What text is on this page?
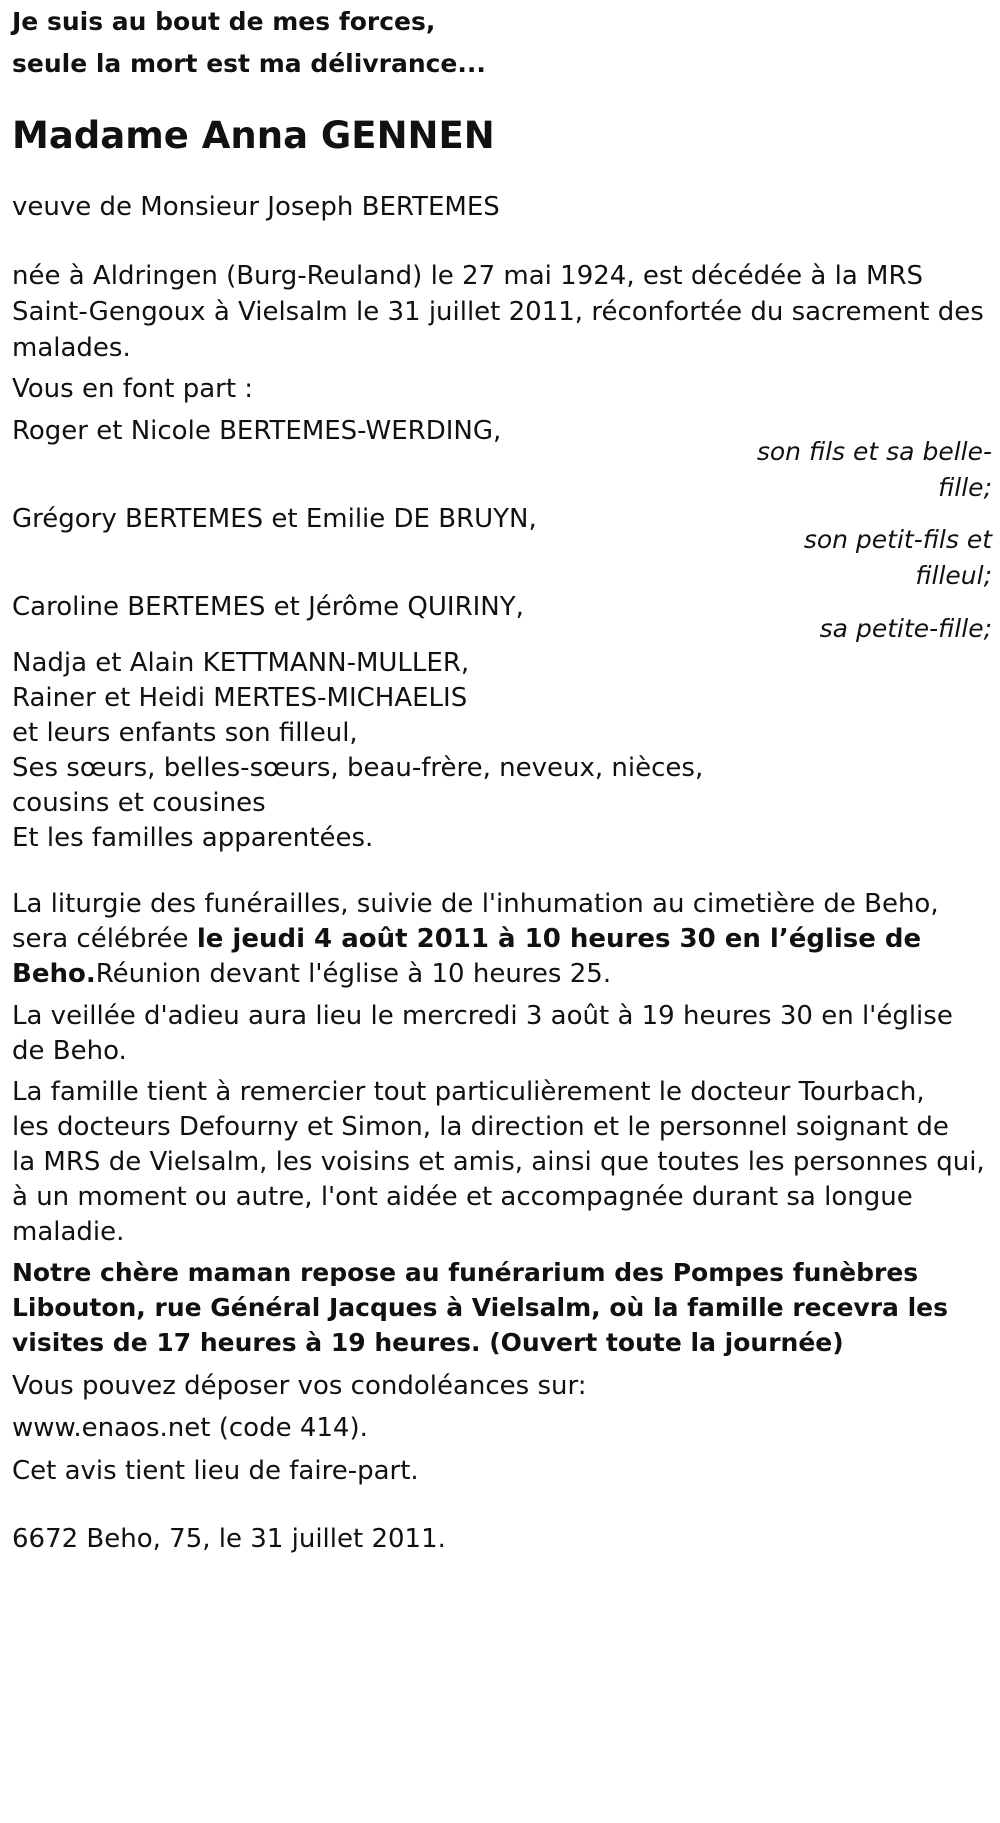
Je suis au bout de mes forces,
seule la mort est ma délivrance...
Madame Anna GENNEN
veuve de Monsieur Joseph BERTEMES
née à Aldringen (Burg-Reuland) le 27 mai 1924, est décédée à la MRS
Saint-Gengoux à Vielsalm le 31 juillet 2011, réconfortée du sacrement des
malades.
Vous en font part :
Roger et Nicole BERTEMES-WERDING,
son fils et sa belle-
fille;
Grégory BERTEMES et Emilie DE BRUYN,
son petit-fils et
filleul;
Caroline BERTEMES et Jérôme QUIRINY,
sa petite-fille;
Nadja et Alain KETTMANN-MULLER,
Rainer et Heidi MERTES-MICHAELIS
et leurs enfants son filleul,
Ses sœurs, belles-sœurs, beau-frère, neveux, nièces,
cousins et cousines
Et les familles apparentées.
La liturgie des funérailles, suivie de l'inhumation au cimetière de Beho,
sera célébrée le jeudi 4 août 2011 à 10 heures 30 en l’église de
Beho.Réunion devant l'église à 10 heures 25.
La veillée d'adieu aura lieu le mercredi 3 août à 19 heures 30 en l'église
de Beho.
La famille tient à remercier tout particulièrement le docteur Tourbach,
les docteurs Defourny et Simon, la direction et le personnel soignant de
la MRS de Vielsalm, les voisins et amis, ainsi que toutes les personnes qui,
à un moment ou autre, l'ont aidée et accompagnée durant sa longue
maladie.
Notre chère maman repose au funérarium des Pompes funèbres
Libouton, rue Général Jacques à Vielsalm, où la famille recevra les
visites de 17 heures à 19 heures. (Ouvert toute la journée)
Vous pouvez déposer vos condoléances sur:
www.enaos.net (code 414).
Cet avis tient lieu de faire-part.
6672 Beho, 75, le 31 juillet 2011.
